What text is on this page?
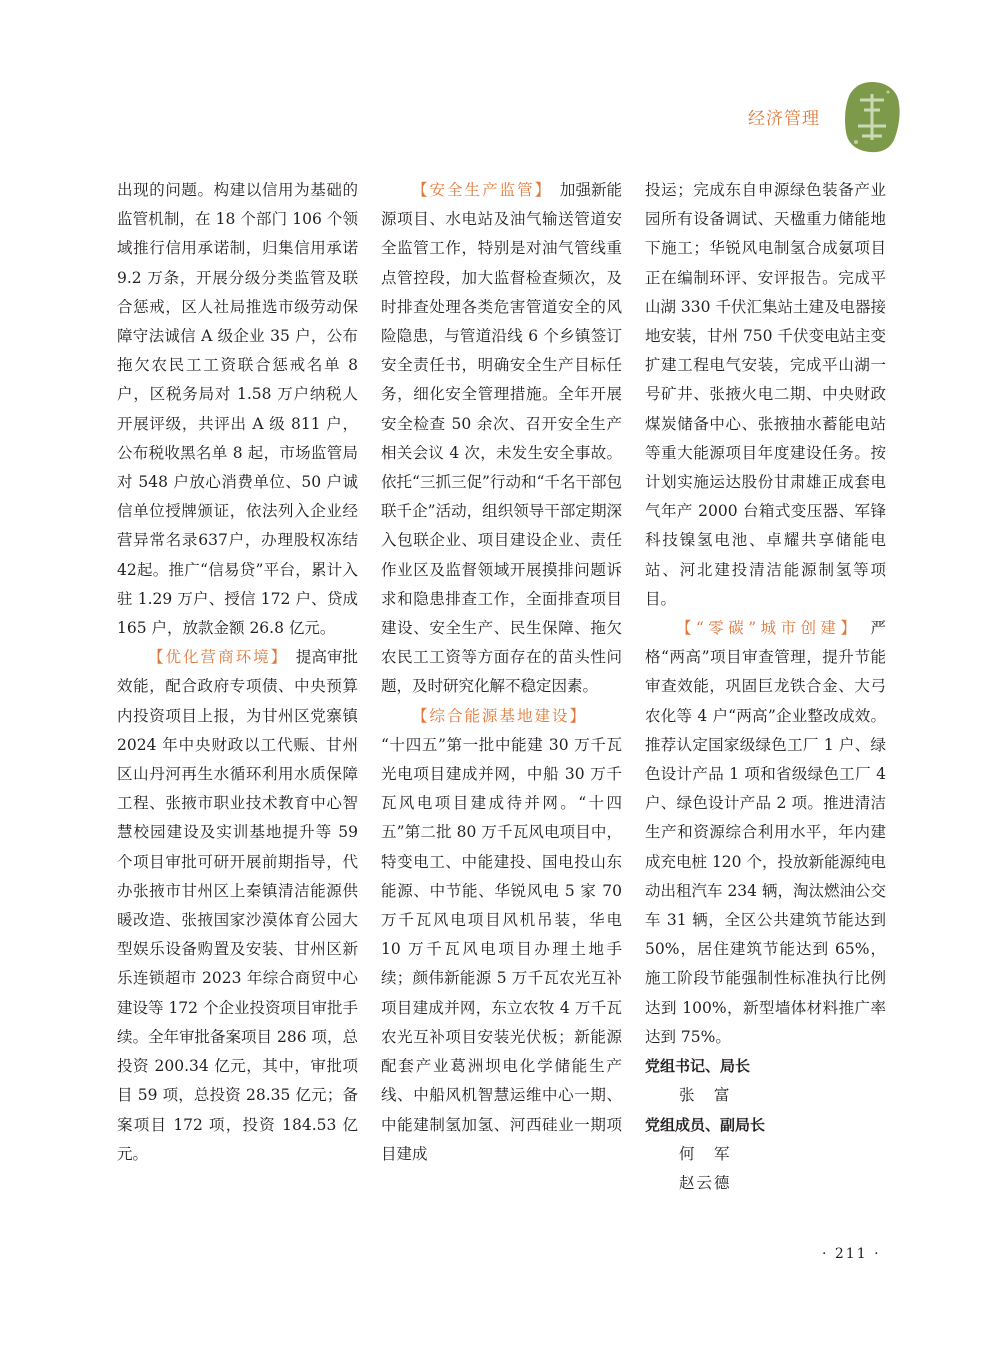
经济管理

出现的问题。构建以信用为基础的监管机制，在 18 个部门 106 个领域推行信用承诺制，归集信用承诺 9.2 万条，开展分级分类监管及联合惩戒，区人社局推选市级劳动保障守法诚信 A 级企业 35 户，公布拖欠农民工工资联合惩戒名单 8 户，区税务局对 1.58 万户纳税人开展评级，共评出 A 级 811 户，公布税收黑名单 8 起，市场监管局对 548 户放心消费单位、50 户诚信单位授牌颁证，依法列入企业经营异常名录637户，办理股权冻结42起。推广“信易贷”平台，累计入驻 1.29 万户、授信 172 户、贷成 165 户，放款金额 26.8 亿元。

【优化营商环境】　 提高审批效能，配合政府专项债、中央预算内投资项目上报，为甘州区党寨镇 2024 年中央财政以工代赈、甘州区山丹河再生水循环利用水质保障工程、张掖市职业技术教育中心智慧校园建设及实训基地提升等 59 个项目审批可研开展前期指导，代办张掖市甘州区上秦镇清洁能源供暖改造、张掖国家沙漠体育公园大型娱乐设备购置及安装、甘州区新乐连锁超市 2023 年综合商贸中心建设等 172 个企业投资项目审批手续。全年审批备案项目 286 项，总投资 200.34 亿元，其中，审批项目 59 项，总投资 28.35 亿元；备案项目 172 项，投资 184.53 亿元。

【安全生产监管】　 加强新能源项目、水电站及油气输送管道安全监管工作，特别是对油气管线重点管控段，加大监督检查频次，及时排查处理各类危害管道安全的风险隐患，与管道沿线 6 个乡镇签订安全责任书，明确安全生产目标任务，细化安全管理措施。全年开展安全检查 50 余次、召开安全生产相关会议 4 次，未发生安全事故。依托“三抓三促”行动和“千名干部包联千企”活动，组织领导干部定期深入包联企业、项目建设企业、责任作业区及监督领域开展摸排问题诉求和隐患排查工作，全面排查项目建设、安全生产、民生保障、拖欠农民工工资等方面存在的苗头性问题，及时研究化解不稳定因素。

【综合能源基地建设】
“十四五”第一批中能建 30 万千瓦光电项目建成并网，中船 30 万千瓦风电项目建成待并网。“十四五”第二批 80 万千瓦风电项目中，特变电工、中能建投、国电投山东能源、中节能、华锐风电 5 家 70 万千瓦风电项目风机吊装，华电 10 万千瓦风电项目办理土地手续；颜伟新能源 5 万千瓦农光互补项目建成并网，东立农牧 4 万千瓦农光互补项目安装光伏板；新能源配套产业葛洲坝电化学储能生产线、中船风机智慧运维中心一期、中能建制氢加氢、河西硅业一期项目建成

投运；完成东自申源绿色装备产业园所有设备调试、天楹重力储能地下施工；华锐风电制氢合成氨项目正在编制环评、安评报告。完成平山湖 330 千伏汇集站土建及电器接地安装，甘州 750 千伏变电站主变扩建工程电气安装，完成平山湖一号矿井、张掖火电二期、中央财政煤炭储备中心、张掖抽水蓄能电站等重大能源项目年度建设任务。按计划实施运达股份甘肃雄正成套电气年产 2000 台箱式变压器、军锋科技镍氢电池、卓耀共享储能电站、河北建投清洁能源制氢等项目。

【“零碳”城市创建】　 严格“两高”项目审查管理，提升节能审查效能，巩固巨龙铁合金、大弓农化等 4 户“两高”企业整改成效。推荐认定国家级绿色工厂 1 户、绿色设计产品 1 项和省级绿色工厂 4 户、绿色设计产品 2 项。推进清洁生产和资源综合利用水平，年内建成充电桩 120 个，投放新能源纯电动出租汽车 234 辆，淘汰燃油公交车 31 辆，全区公共建筑节能达到 50%，居住建筑节能达到 65%，施工阶段节能强制性标准执行比例达到 100%，新型墙体材料推广率达到 75%。

党组书记、局长

张　富

党组成员、副局长

何　军

赵云德

· 211 ·
